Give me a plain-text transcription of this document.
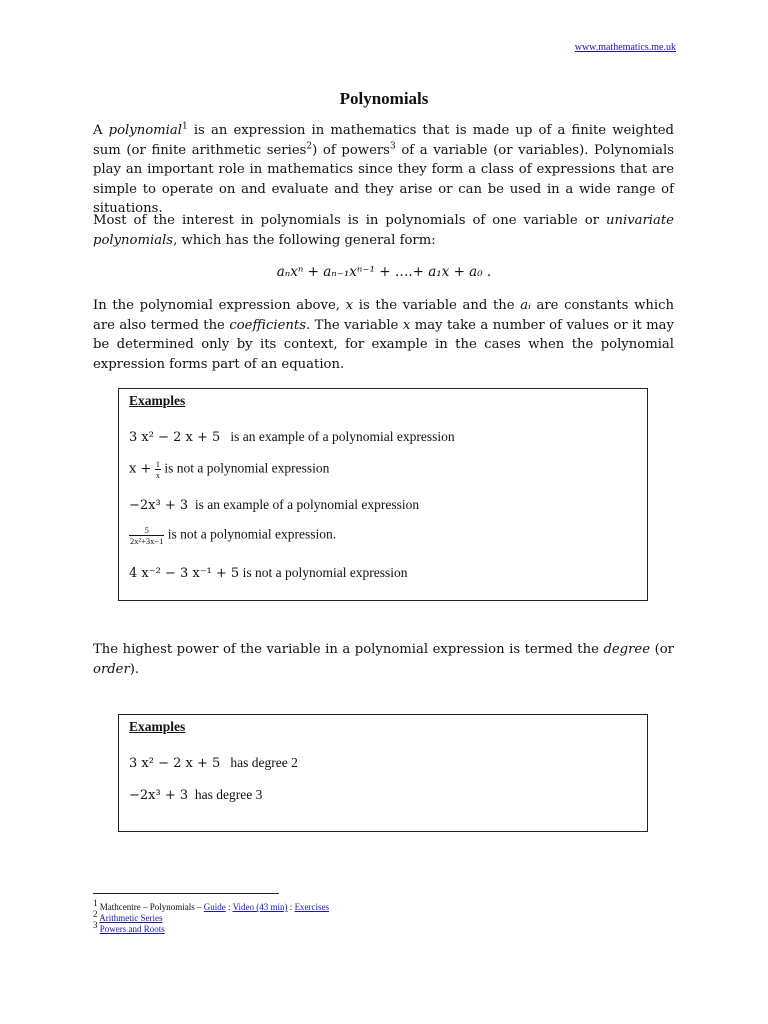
www.mathematics.me.uk
Polynomials
A polynomial$^1$ is an expression in mathematics that is made up of a finite weighted sum (or finite arithmetic series$^2$) of powers$^3$ of a variable (or variables). Polynomials play an important role in mathematics since they form a class of expressions that are simple to operate on and evaluate and they arise or can be used in a wide range of situations.
Most of the interest in polynomials is in polynomials of one variable or univariate polynomials, which has the following general form:
aₙxⁿ + aₙ₋₁xⁿ⁻¹ + ….+ a₁x + a₀ .
In the polynomial expression above, x is the variable and the aᵢ are constants which are also termed the coefficients. The variable x may take a number of values or it may be determined only by its context, for example in the cases when the polynomial expression forms part of an equation.
Examples
3 x² − 2 x + 5 is an example of a polynomial expression
$x + \frac{1}{x}$ is not a polynomial expression
−2x³ + 3 is an example of a polynomial expression
$\frac{5}{\text{2x²+3x−1}}$ is not a polynomial expression.
4 x⁻² − 3 x⁻¹ + 5 is not a polynomial expression
The highest power of the variable in a polynomial expression is termed the degree (or order).
Examples
3 x² − 2 x + 5 has degree 2
−2x³ + 3 has degree 3
$^1$ Mathcentre – Polynomials – Guide : Video (43 min) : Exercises
$^2$ Arithmetic Series
$^3$ Powers and Roots
